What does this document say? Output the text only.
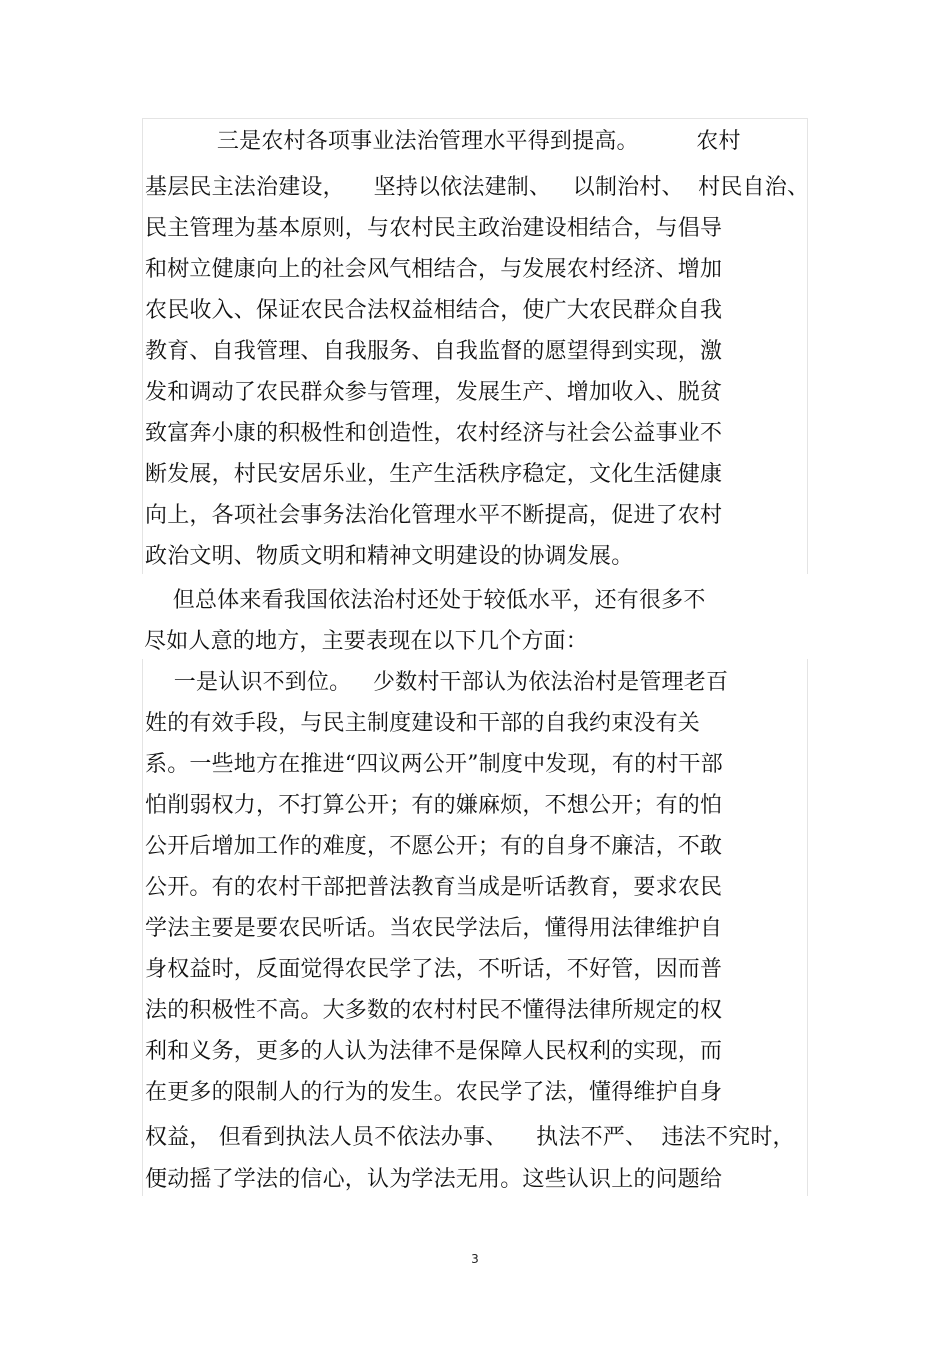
三是农村各项事业法治管理水平得到提高。        农村
基层民主法治建设，    坚持以依法建制、   以制治村、  村民自治、
民主管理为基本原则，与农村民主政治建设相结合，与倡导
和树立健康向上的社会风气相结合，与发展农村经济、增加
农民收入、保证农民合法权益相结合，使广大农民群众自我
教育、自我管理、自我服务、自我监督的愿望得到实现，激
发和调动了农民群众参与管理，发展生产、增加收入、脱贫
致富奔小康的积极性和创造性，农村经济与社会公益事业不
断发展，村民安居乐业，生产生活秩序稳定，文化生活健康
向上，各项社会事务法治化管理水平不断提高，促进了农村
政治文明、物质文明和精神文明建设的协调发展。
但总体来看我国依法治村还处于较低水平，还有很多不
尽如人意的地方，主要表现在以下几个方面：
一是认识不到位。   少数村干部认为依法治村是管理老百
姓的有效手段，与民主制度建设和干部的自我约束没有关
系。一些地方在推进“四议两公开”制度中发现，有的村干部
怕削弱权力，不打算公开；有的嫌麻烦，不想公开；有的怕
公开后增加工作的难度，不愿公开；有的自身不廉洁，不敢
公开。有的农村干部把普法教育当成是听话教育，要求农民
学法主要是要农民听话。当农民学法后，懂得用法律维护自
身权益时，反面觉得农民学了法，不听话，不好管，因而普
法的积极性不高。大多数的农村村民不懂得法律所规定的权
利和义务，更多的人认为法律不是保障人民权利的实现，而
在更多的限制人的行为的发生。农民学了法，懂得维护自身
权益， 但看到执法人员不依法办事、    执法不严、  违法不究时，
便动摇了学法的信心，认为学法无用。这些认识上的问题给
3
